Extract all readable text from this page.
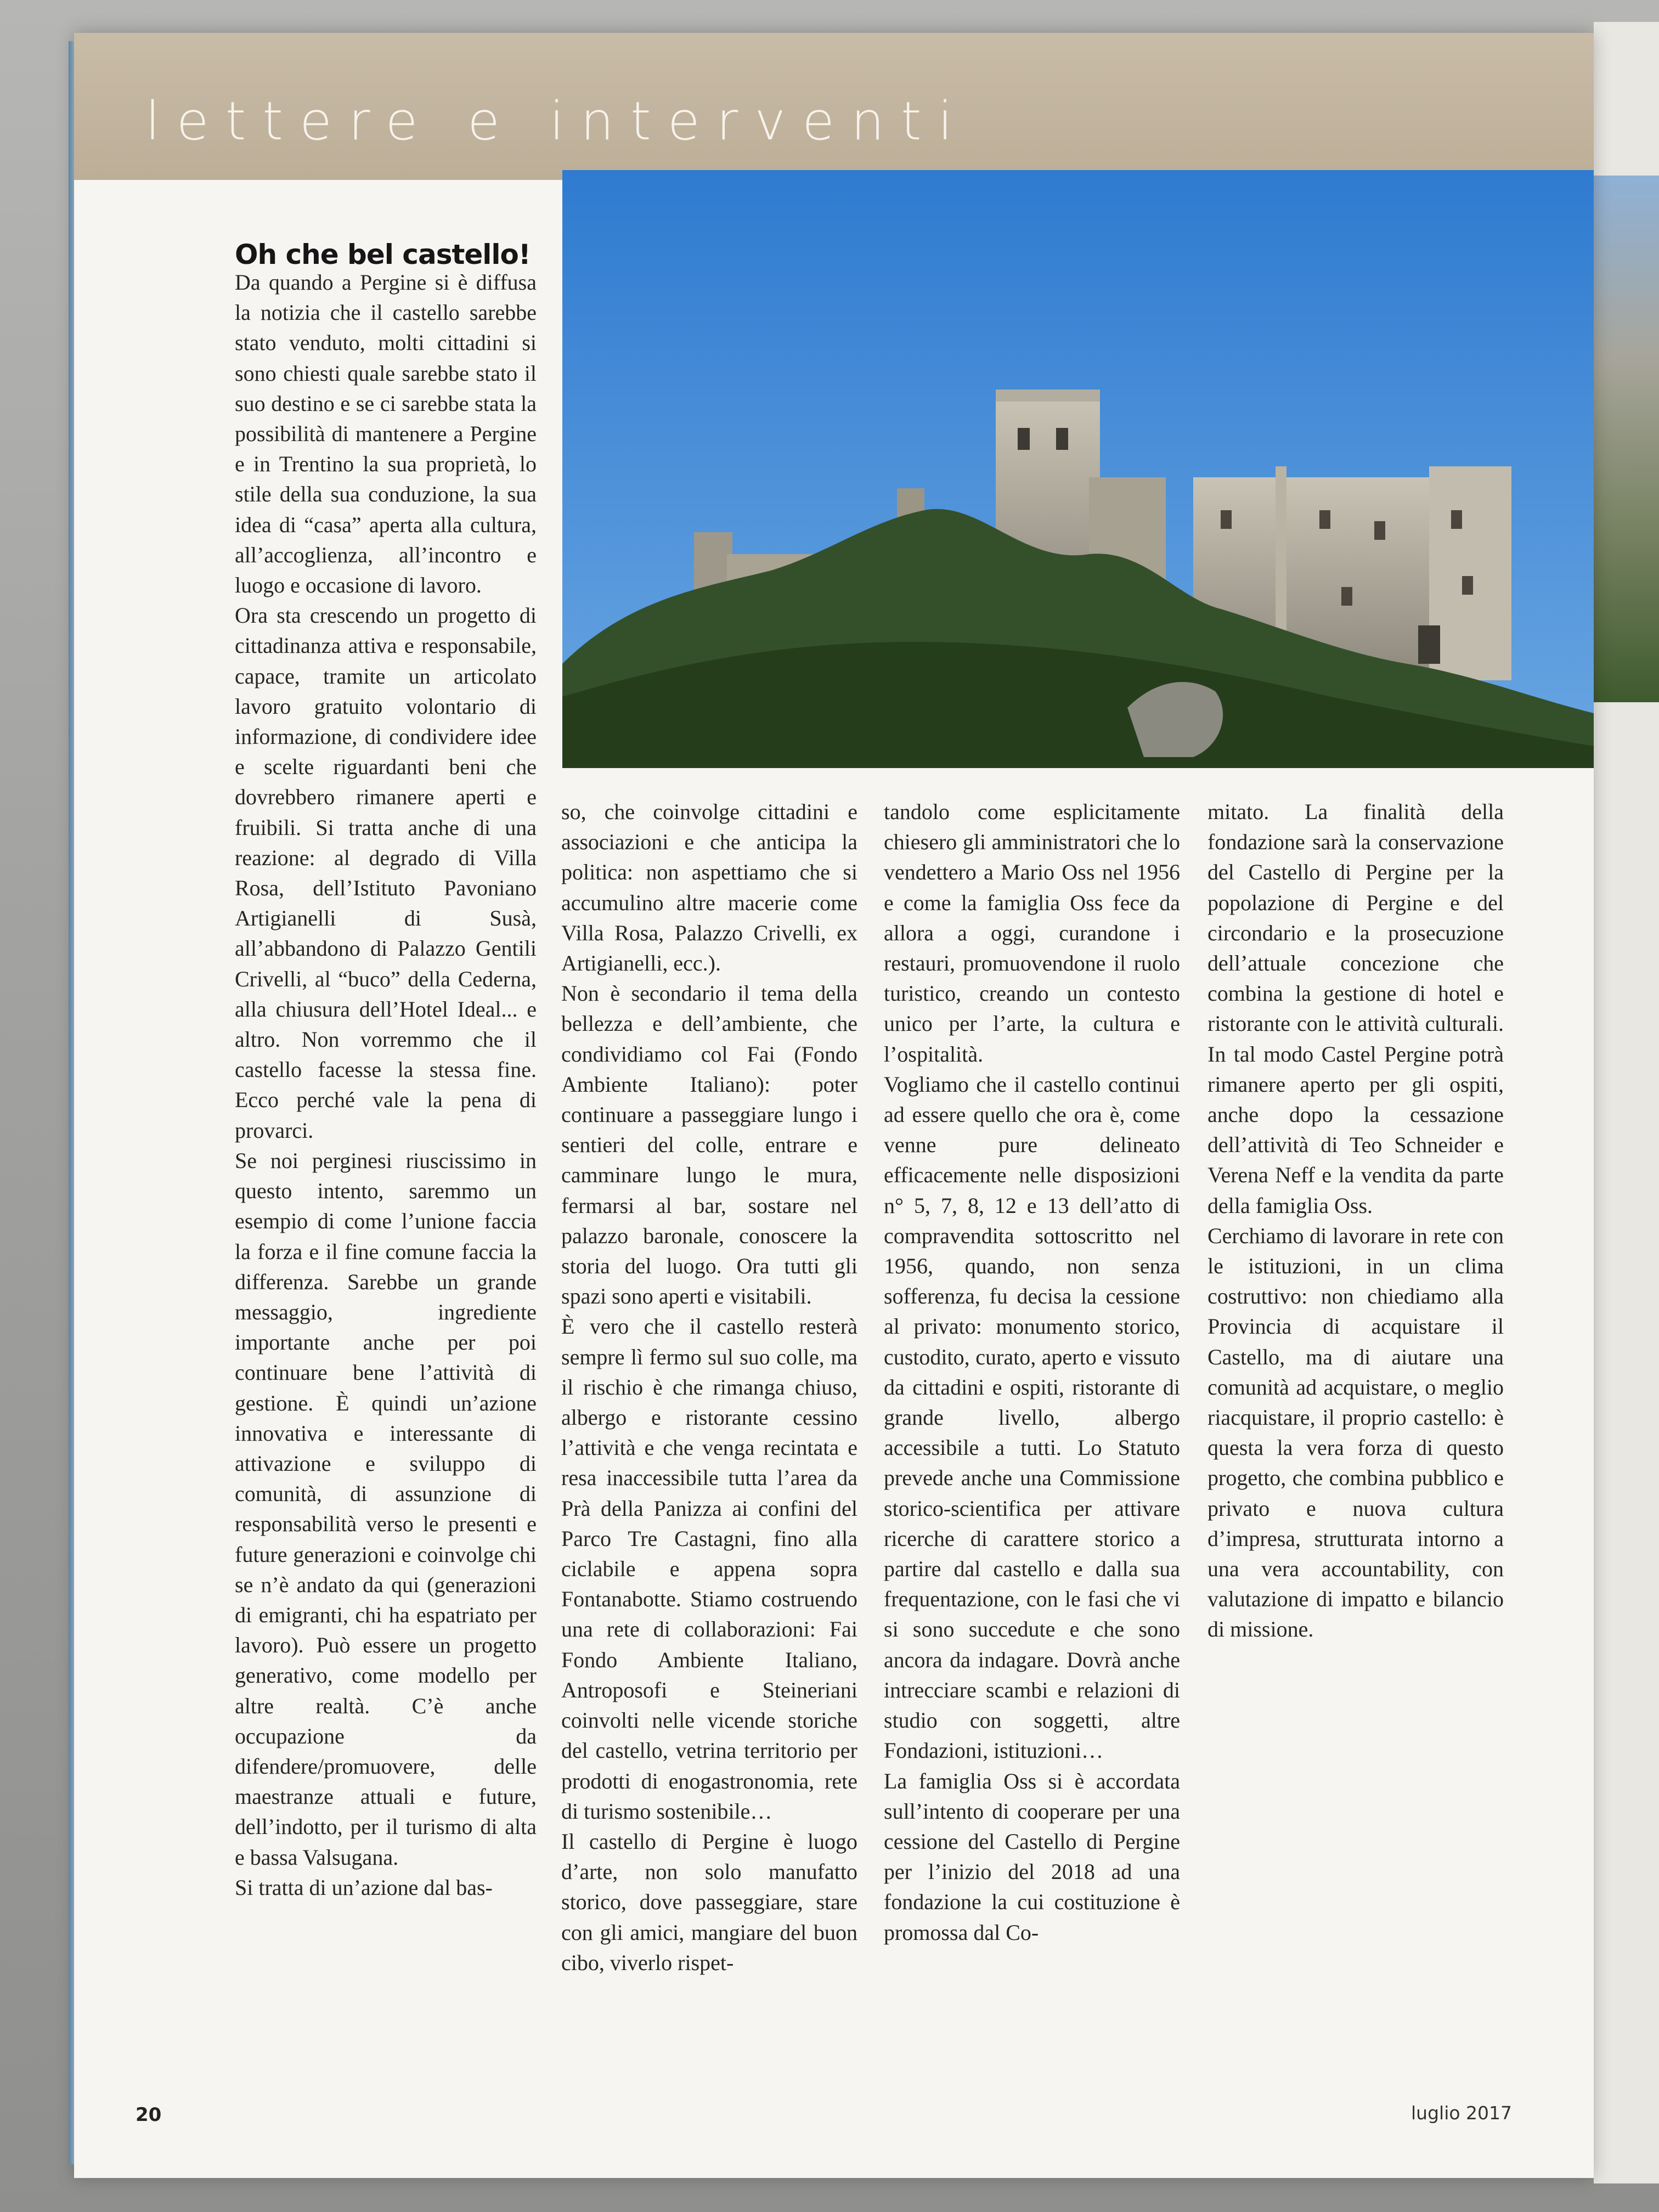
lettere e interventi
Oh che bel castello!

Da quando a Pergine si è diffusa la notizia che il castello sarebbe stato venduto, molti cittadini si sono chiesti quale sarebbe stato il suo destino e se ci sarebbe stata la possibilità di mantenere a Pergine e in Trentino la sua proprietà, lo stile della sua conduzione, la sua idea di “casa” aperta alla cultura, all’accoglienza, all’incontro e luogo e occasione di lavoro.

Ora sta crescendo un progetto di cittadinanza attiva e responsabile, capace, tramite un articolato lavoro gratuito volontario di informazione, di condividere idee e scelte riguardanti beni che dovrebbero rimanere aperti e fruibili. Si tratta anche di una reazione: al degrado di Villa Rosa, dell’Istituto Pavoniano Artigianelli di Susà, all’abbandono di Palazzo Gentili Crivelli, al “buco” della Cederna, alla chiusura dell’Hotel Ideal... e altro. Non vorremmo che il castello facesse la stessa fine. Ecco perché vale la pena di provarci.

Se noi perginesi riuscissimo in questo intento, saremmo un esempio di come l’unione faccia la forza e il fine comune faccia la differenza. Sarebbe un grande messaggio, ingrediente importante anche per poi continuare bene l’attività di gestione. È quindi un’azione innovativa e interessante di attivazione e sviluppo di comunità, di assunzione di responsabilità verso le presenti e future generazioni e coinvolge chi se n’è andato da qui (generazioni di emigranti, chi ha espatriato per lavoro). Può essere un progetto generativo, come modello per altre realtà. C’è anche occupazione da difendere/promuovere, delle maestranze attuali e future, dell’indotto, per il turismo di alta e bassa Valsugana.

Si tratta di un’azione dal bas-

so, che coinvolge cittadini e associazioni e che anticipa la politica: non aspettiamo che si accumulino altre macerie come Villa Rosa, Palazzo Crivelli, ex Artigianelli, ecc.).

Non è secondario il tema della bellezza e dell’ambiente, che condividiamo col Fai (Fondo Ambiente Italiano): poter continuare a passeggiare lungo i sentieri del colle, entrare e camminare lungo le mura, fermarsi al bar, sostare nel palazzo baronale, conoscere la storia del luogo. Ora tutti gli spazi sono aperti e visitabili.

È vero che il castello resterà sempre lì fermo sul suo colle, ma il rischio è che rimanga chiuso, albergo e ristorante cessino l’attività e che venga recintata e resa inaccessibile tutta l’area da Prà della Panizza ai confini del Parco Tre Castagni, fino alla ciclabile e appena sopra Fontanabotte. Stiamo costruendo una rete di collaborazioni: Fai Fondo Ambiente Italiano, Antroposofi e Steineriani coinvolti nelle vicende storiche del castello, vetrina territorio per prodotti di enogastronomia, rete di turismo sostenibile…

Il castello di Pergine è luogo d’arte, non solo manufatto storico, dove passeggiare, stare con gli amici, mangiare del buon cibo, viverlo rispet-

tandolo come esplicitamente chiesero gli amministratori che lo vendettero a Mario Oss nel 1956 e come la famiglia Oss fece da allora a oggi, curandone i restauri, promuovendone il ruolo turistico, creando un contesto unico per l’arte, la cultura e l’ospitalità.

Vogliamo che il castello continui ad essere quello che ora è, come venne pure delineato efficacemente nelle disposizioni n° 5, 7, 8, 12 e 13 dell’atto di compravendita sottoscritto nel 1956, quando, non senza sofferenza, fu decisa la cessione al privato: monumento storico, custodito, curato, aperto e vissuto da cittadini e ospiti, ristorante di grande livello, albergo accessibile a tutti. Lo Statuto prevede anche una Commissione storico-scientifica per attivare ricerche di carattere storico a partire dal castello e dalla sua frequentazione, con le fasi che vi si sono succedute e che sono ancora da indagare. Dovrà anche intrecciare scambi e relazioni di studio con soggetti, altre Fondazioni, istituzioni…

La famiglia Oss si è accordata sull’intento di cooperare per una cessione del Castello di Pergine per l’inizio del 2018 ad una fondazione la cui costituzione è promossa dal Co-

mitato. La finalità della fondazione sarà la conservazione del Castello di Pergine per la popolazione di Pergine e del circondario e la prosecuzione dell’attuale concezione che combina la gestione di hotel e ristorante con le attività culturali. In tal modo Castel Pergine potrà rimanere aperto per gli ospiti, anche dopo la cessazione dell’attività di Teo Schneider e Verena Neff e la vendita da parte della famiglia Oss.

Cerchiamo di lavorare in rete con le istituzioni, in un clima costruttivo: non chiediamo alla Provincia di acquistare il Castello, ma di aiutare una comunità ad acquistare, o meglio riacquistare, il proprio castello: è questa la vera forza di questo progetto, che combina pubblico e privato e nuova cultura d’impresa, strutturata intorno a una vera accountability, con valutazione di impatto e bilancio di missione.

20	luglio 2017
